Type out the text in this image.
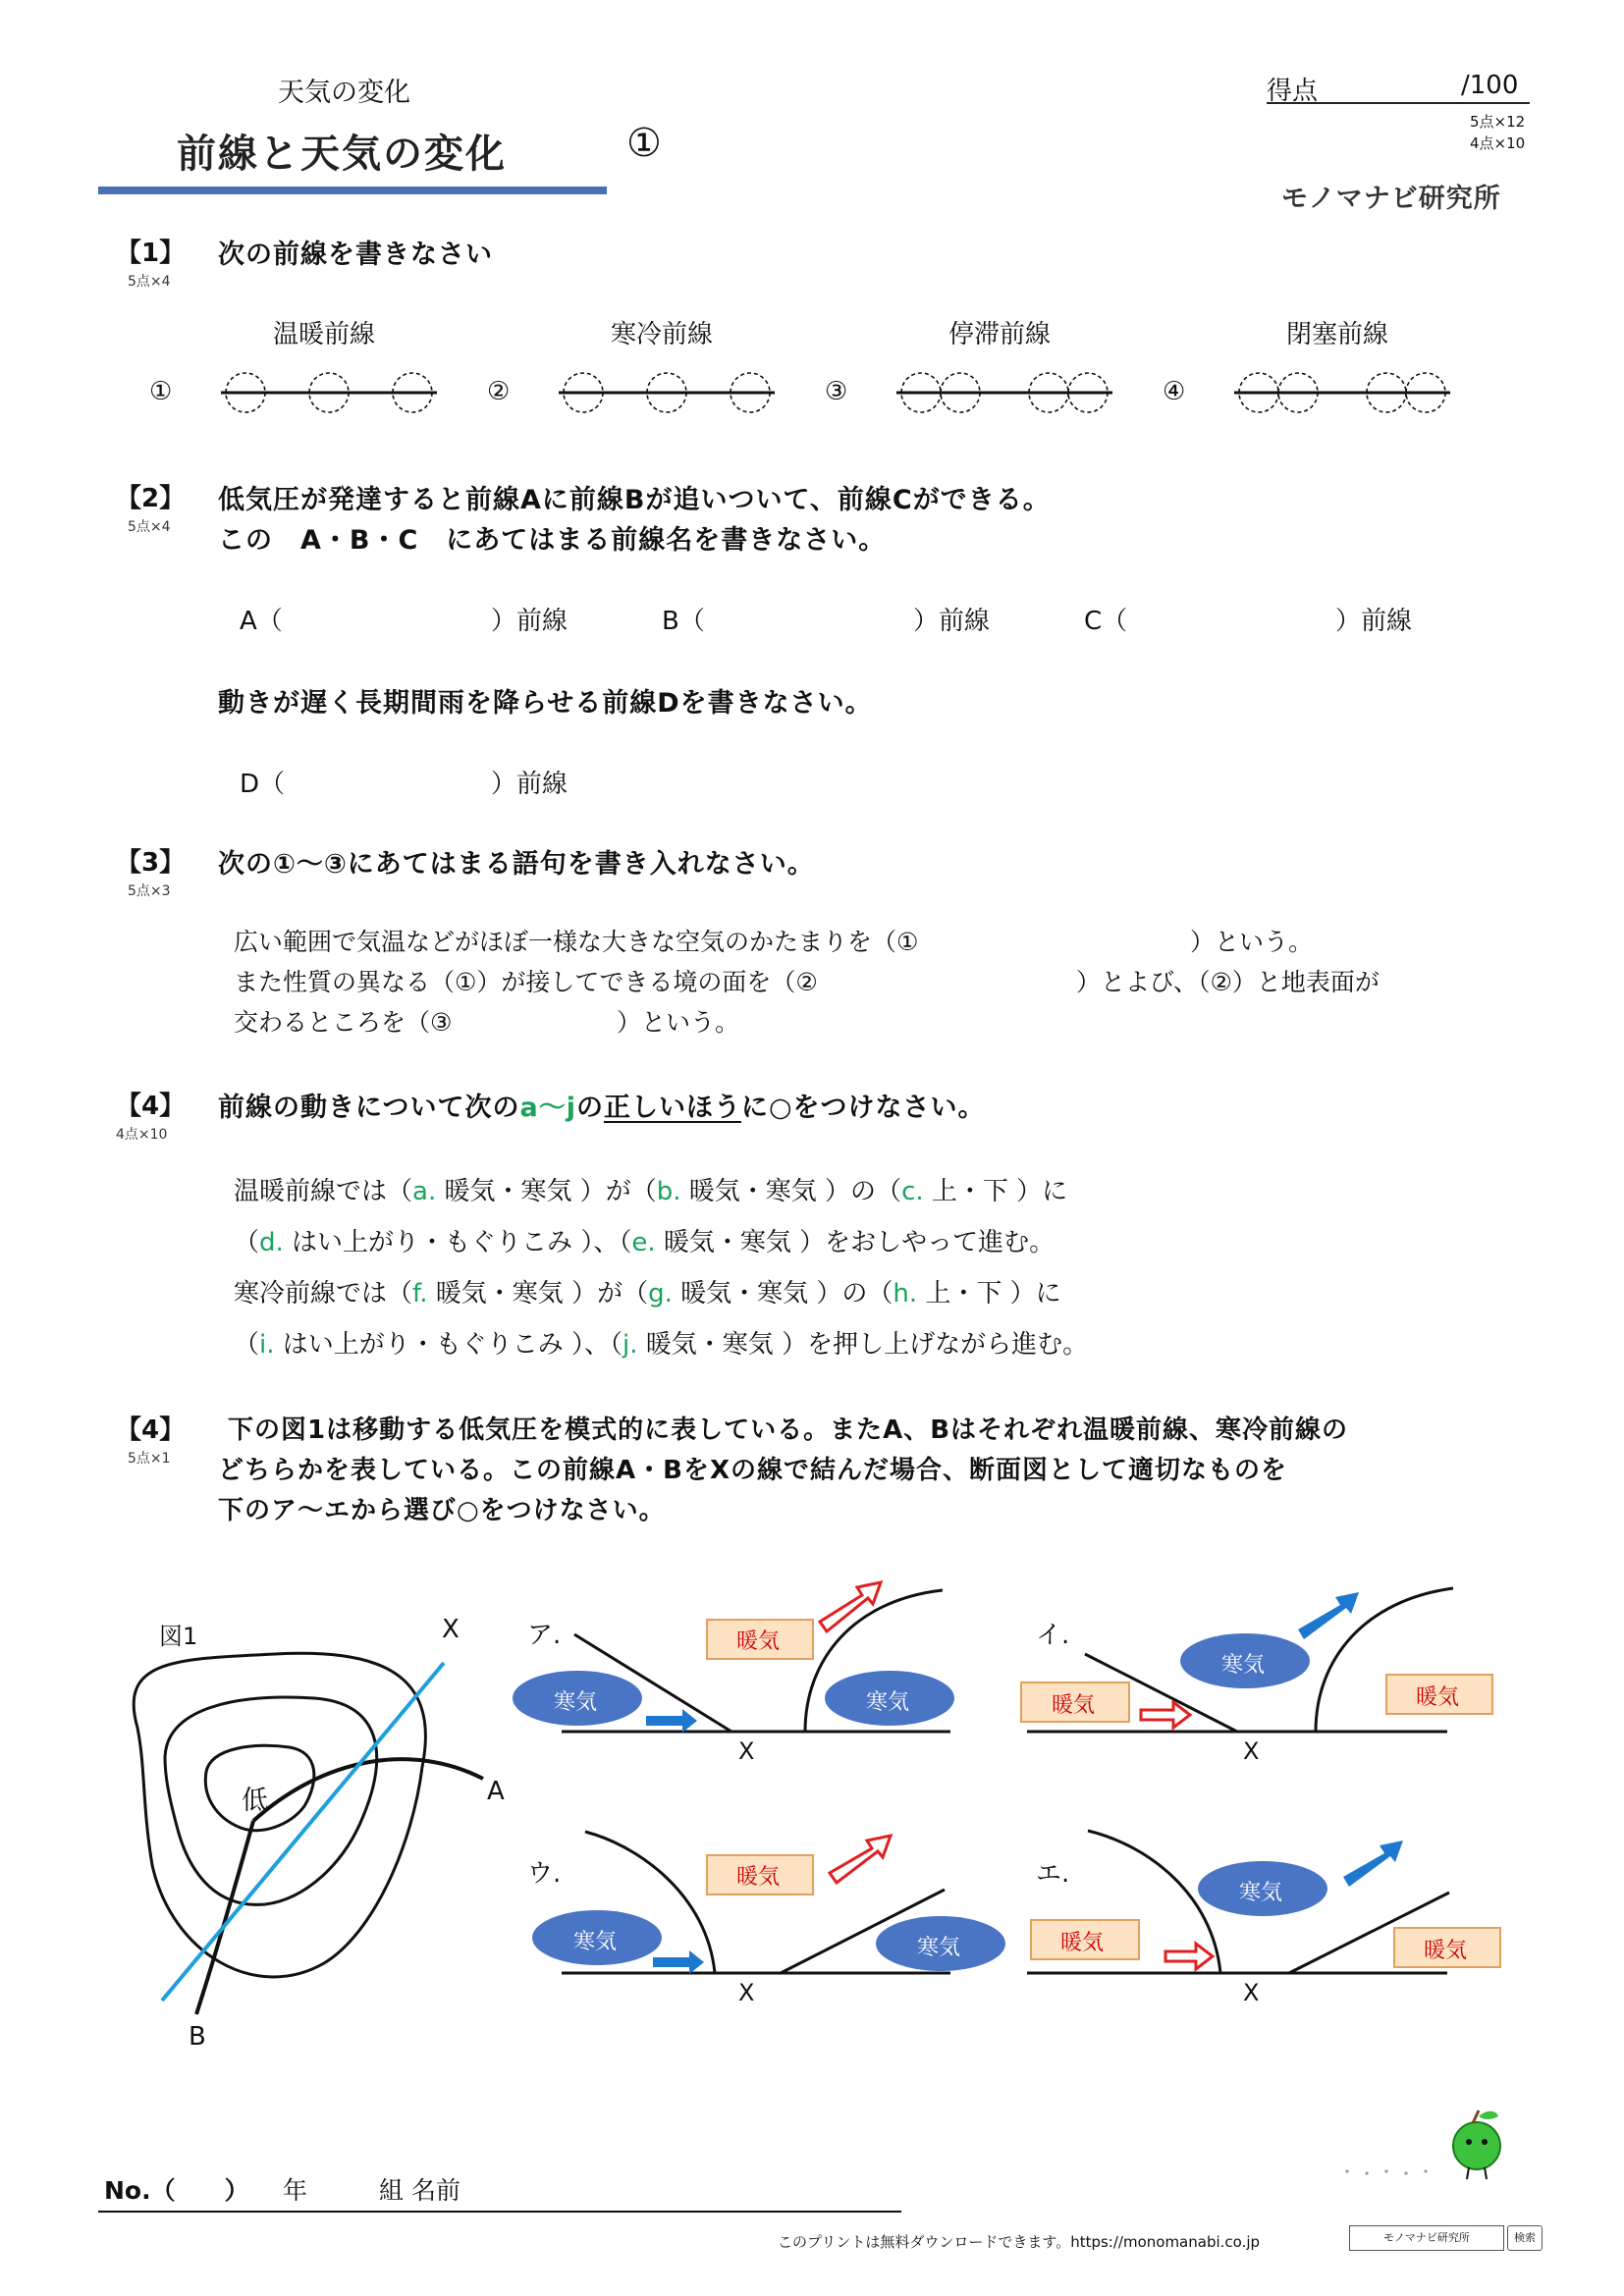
天気の変化
前線と天気の変化	①
得点	/100
5点×12
4点×10
モノマナビ研究所
【1】
5点×4
次の前線を書きなさい
温暖前線	寒冷前線	停滞前線	閉塞前線
①	②	③	④
【2】
5点×4
低気圧が発達すると前線Aに前線Bが追いついて、前線Cができる。
この　A・B・C　にあてはまる前線名を書きなさい。
A（	）前線	B（	）前線	C（	）前線
動きが遅く長期間雨を降らせる前線Dを書きなさい。
D（	）前線
【3】
5点×3
次の①～③にあてはまる語句を書き入れなさい。
広い範囲で気温などがほぼ一様な大きな空気のかたまりを（①	）という。
また性質の異なる（①）が接してできる境の面を（②	）とよび、（②）と地表面が
交わるところを（③	）という。
【4】
4点×10
前線の動きについて次のa～jの正しいほうに○をつけなさい。
温暖前線では（a. 暖気・寒気 ）が（b. 暖気・寒気 ）の（c. 上・下 ）に
（d. はい上がり・もぐりこみ ）、（e. 暖気・寒気 ）をおしやって進む。
寒冷前線では（f. 暖気・寒気 ）が（g. 暖気・寒気 ）の（h. 上・下 ）に
（i. はい上がり・もぐりこみ ）、（j. 暖気・寒気 ）を押し上げながら進む。
【4】
5点×1
下の図1は移動する低気圧を模式的に表している。またA、Bはそれぞれ温暖前線、寒冷前線の
どちらかを表している。この前線A・BをXの線で結んだ場合、断面図として適切なものを
下のア～エから選び○をつけなさい。
図1	X
A
B
低
ア.	暖気
寒気	寒気
X
イ.
暖気	暖気
寒気
X
ウ.	暖気
寒気	寒気
X
エ.
暖気	暖気
寒気
X
No.（　　） 年	組 名前
このプリントは無料ダウンロードできます。https://monomanabi.co.jp	モノマナビ研究所	検索
